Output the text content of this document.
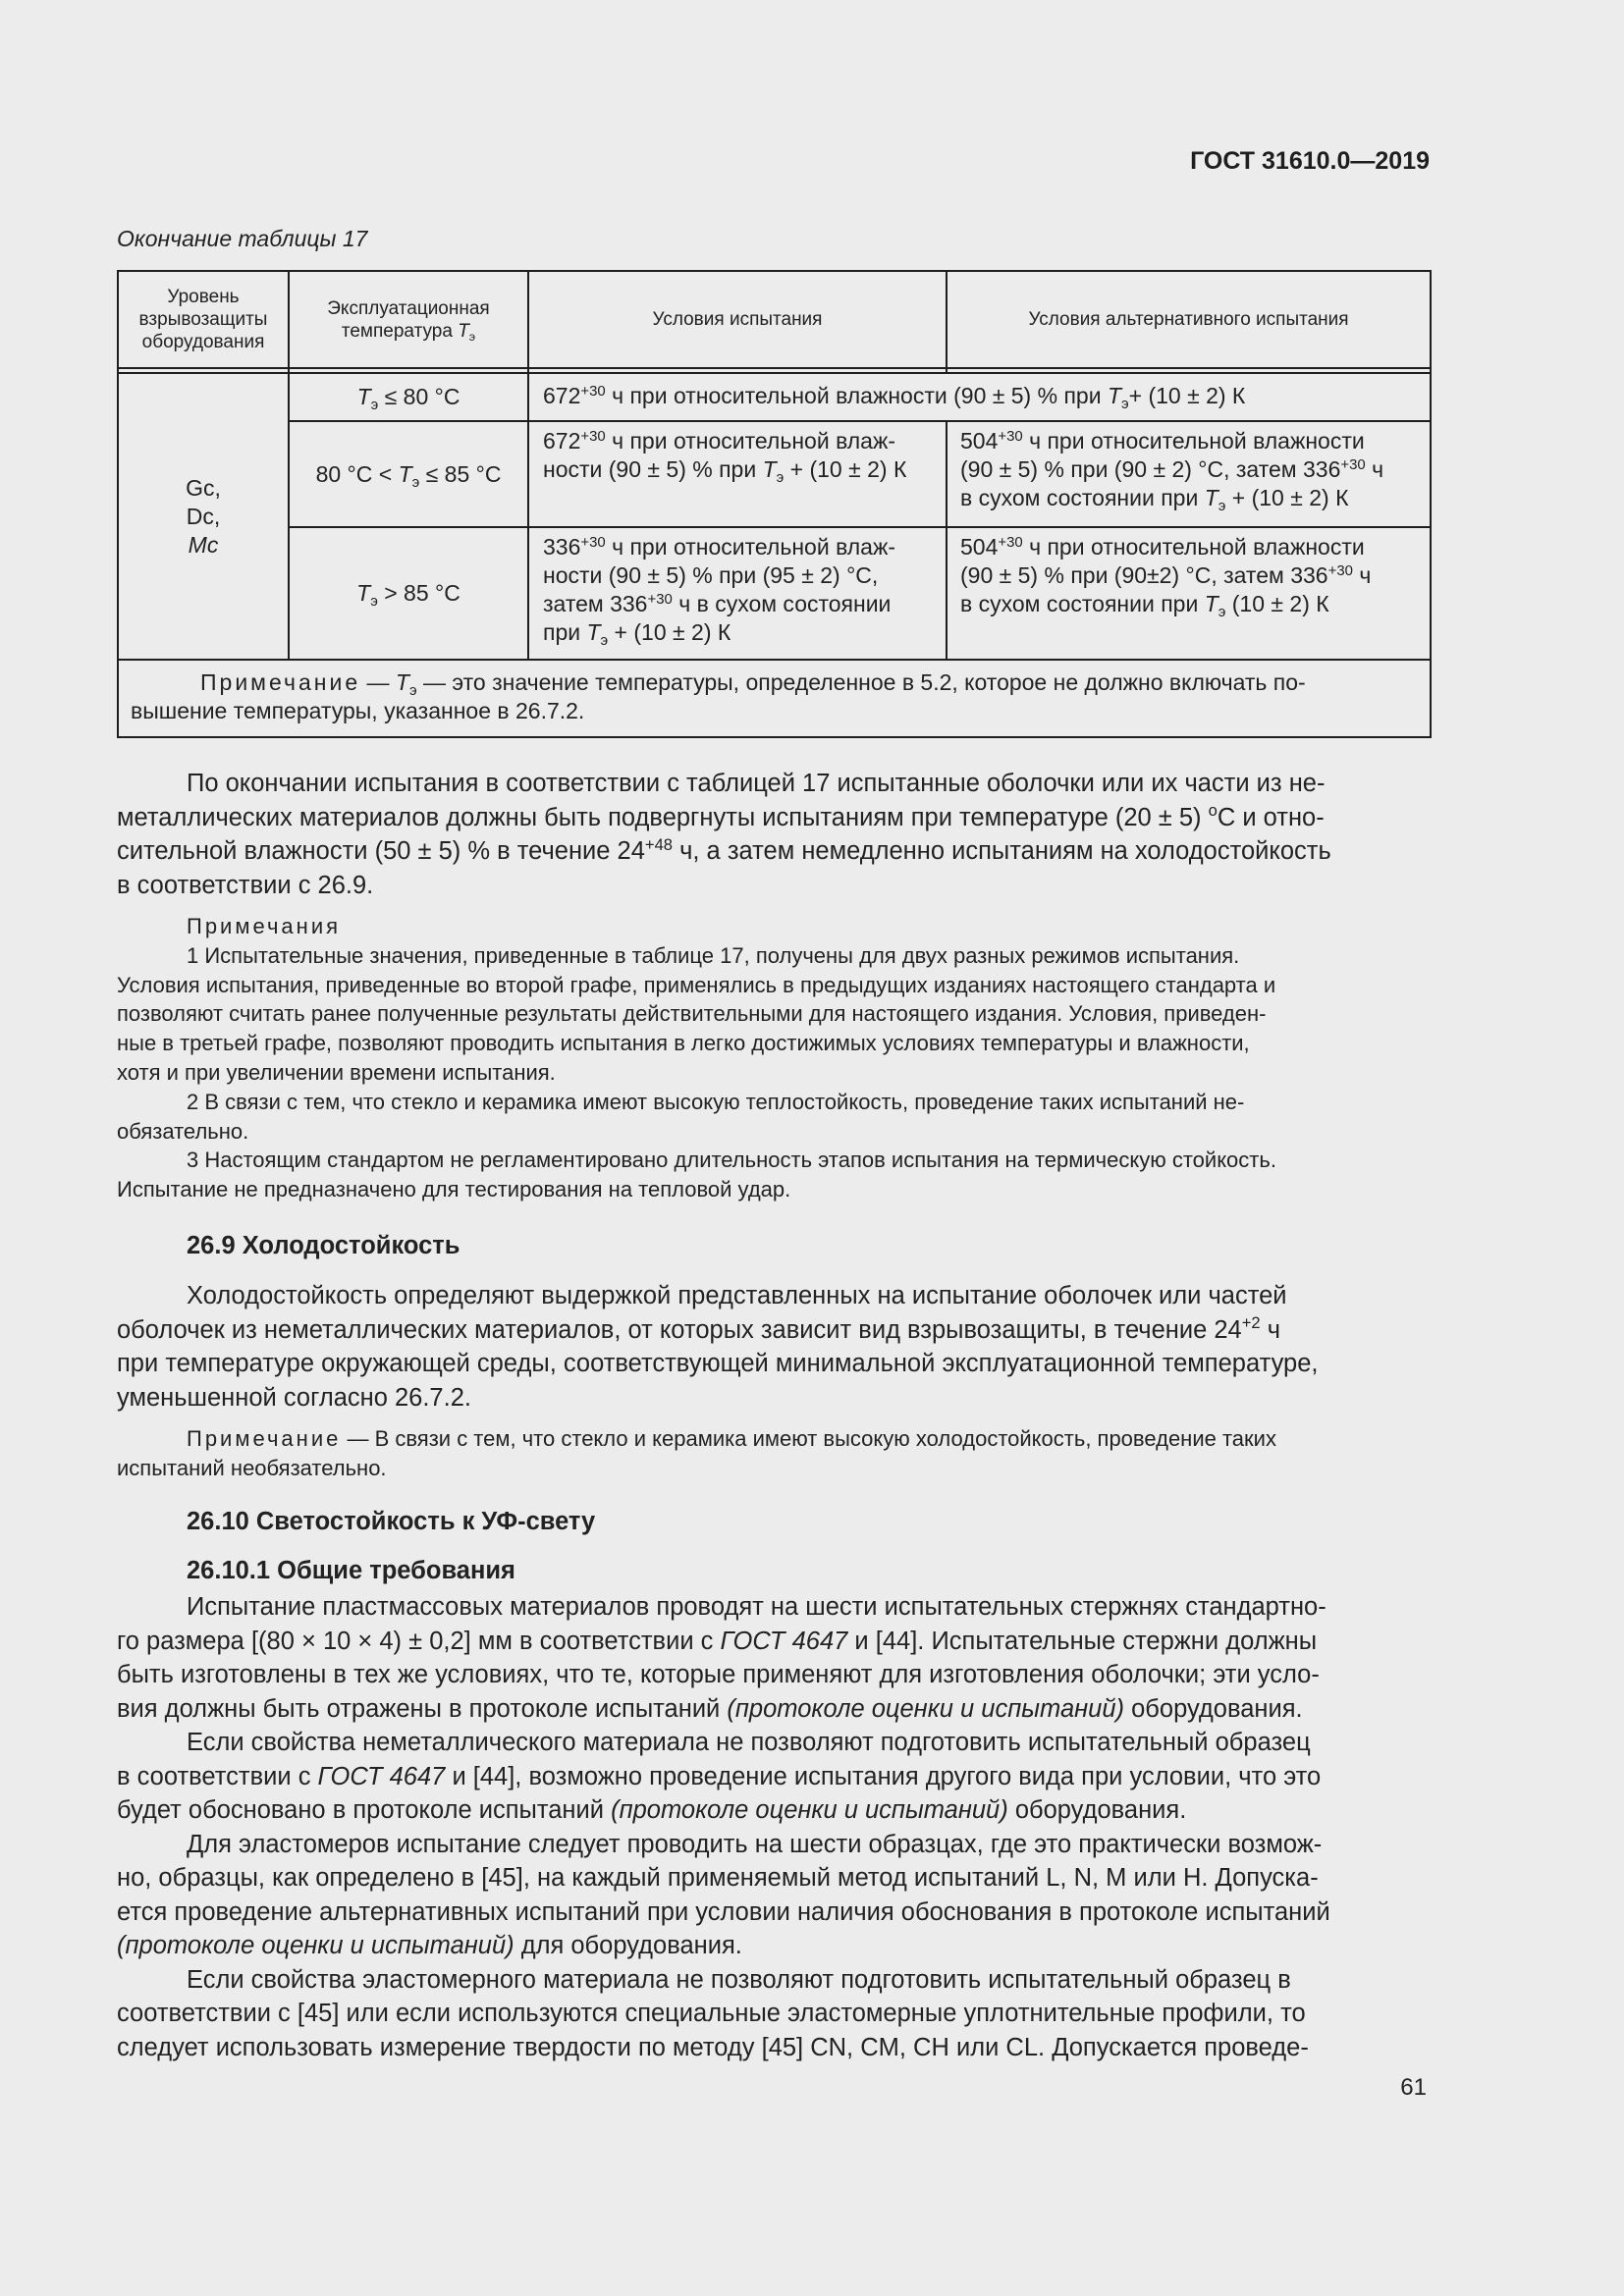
ГОСТ 31610.0—2019
Окончание таблицы 17
Уровень
взрывозащиты
оборудования
Эксплуатационная
температура $T_э$
Условия испытания	Условия альтернативного испытания
Gc,
Dc,
Mc
$T_э \le 80$ °C	$672^{+30}$ ч при относительной влажности (90 ± 5) % при $T_э+ (10 \pm 2)$ К
80 $^\circ C < T_э \le 85$ °C
$672^{+30}$ ч при относительной влаж-
ности (90 ± 5) % при $T_э + (10 \pm 2)$ К
$504^{+30}$ ч при относительной влажности
(90 ± 5) % при (90 ± 2) °C, затем $336^{+30}$ ч
в сухом состоянии при $T_э + (10 \pm 2)$ К
$T_э > 85$ °C
$336^{+30}$ ч при относительной влаж-
ности (90 ± 5) % при (95 ± 2) °C,
затем $336^{+30}$ ч в сухом состоянии
при $T_э + (10 \pm 2)$ К
$504^{+30}$ ч при относительной влажности
(90 ± 5) % при (90±2) °C, затем $336^{+30}$ ч
в сухом состоянии при $T_э$ (10 ± 2) К
Примечание — $T_э$ — это значение температуры, определенное в 5.2, которое не должно включать по-
вышение температуры, указанное в 26.7.2.
По окончании испытания в соответствии с таблицей 17 испытанные оболочки или их части из не-
металлических материалов должны быть подвергнуты испытаниям при температуре (20 ± 5) $^о$С и отно-
сительной влажности (50 ± 5) % в течение $24^{+48}$ ч, а затем немедленно испытаниям на холодостойкость
в соответствии с 26.9.
Примечания
1 Испытательные значения, приведенные в таблице 17, получены для двух разных режимов испытания.
Условия испытания, приведенные во второй графе, применялись в предыдущих изданиях настоящего стандарта и
позволяют считать ранее полученные результаты действительными для настоящего издания. Условия, приведен-
ные в третьей графе, позволяют проводить испытания в легко достижимых условиях температуры и влажности,
хотя и при увеличении времени испытания.
2 В связи с тем, что стекло и керамика имеют высокую теплостойкость, проведение таких испытаний не-
обязательно.
3 Настоящим стандартом не регламентировано длительность этапов испытания на термическую стойкость.
Испытание не предназначено для тестирования на тепловой удар.
26.9 Холодостойкость
Холодостойкость определяют выдержкой представленных на испытание оболочек или частей
оболочек из неметаллических материалов, от которых зависит вид взрывозащиты, в течение $24^{+2}$ ч
при температуре окружающей среды, соответствующей минимальной эксплуатационной температуре,
уменьшенной согласно 26.7.2.
Примечание — В связи с тем, что стекло и керамика имеют высокую холодостойкость, проведение таких
испытаний необязательно.
26.10 Светостойкость к УФ-свету
26.10.1 Общие требования
Испытание пластмассовых материалов проводят на шести испытательных стержнях стандартно-
го размера [(80 × 10 × 4) ± 0,2] мм в соответствии с ГОСТ 4647 и [44]. Испытательные стержни должны
быть изготовлены в тех же условиях, что те, которые применяют для изготовления оболочки; эти усло-
вия должны быть отражены в протоколе испытаний (протоколе оценки и испытаний) оборудования.
Если свойства неметаллического материала не позволяют подготовить испытательный образец
в соответствии с ГОСТ 4647 и [44], возможно проведение испытания другого вида при условии, что это
будет обосновано в протоколе испытаний (протоколе оценки и испытаний) оборудования.
Для эластомеров испытание следует проводить на шести образцах, где это практически возмож-
но, образцы, как определено в [45], на каждый применяемый метод испытаний L, N, M или H. Допуска-
ется проведение альтернативных испытаний при условии наличия обоснования в протоколе испытаний
(протоколе оценки и испытаний) для оборудования.
Если свойства эластомерного материала не позволяют подготовить испытательный образец в
соответствии с [45] или если используются специальные эластомерные уплотнительные профили, то
следует использовать измерение твердости по методу [45] CN, CM, CH или CL. Допускается проведе-
61
